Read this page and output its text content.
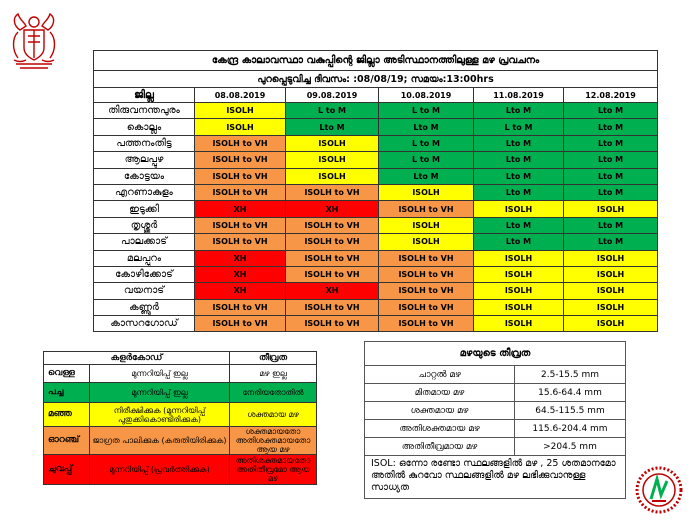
കേന്ദ്ര കാലാവസ്ഥാ വകുപ്പിന്റെ ജില്ലാ അടിസ്ഥാനത്തിലുള്ള മഴ പ്രവചനം					
പുറപ്പെടുവിച്ച ദിവസം: :08/08/19; സമയം:13:00hrs					
ജില്ല	08.08.2019	09.08.2019	10.08.2019	11.08.2019	12.08.2019
തിരുവനന്തപുരം	ISOLH	L to M	L to M	Lto M	Lto M
കൊല്ലം	ISOLH	Lto M	Lto M	L to M	Lto M
പത്തനംതിട്ട	ISOLH to VH	ISOLH	L to M	Lto M	Lto M
ആലപ്പുഴ	ISOLH to VH	ISOLH	L to M	Lto M	Lto M
കോട്ടയം	ISOLH to VH	ISOLH	Lto M	Lto M	Lto M
എറണാകുളം	ISOLH to VH	ISOLH to VH	ISOLH	Lto M	Lto M
ഇടുക്കി	XH	XH	ISOLH to VH	ISOLH	ISOLH
തൃശ്ശൂർ	ISOLH to VH	ISOLH to VH	ISOLH	Lto M	Lto M
പാലക്കാട്	ISOLH to VH	ISOLH to VH	ISOLH	Lto M	Lto M
മലപ്പുറം	XH	ISOLH to VH	ISOLH to VH	ISOLH	ISOLH
കോഴിക്കോട്	XH	ISOLH to VH	ISOLH to VH	ISOLH	ISOLH
വയനാട്	XH	XH	ISOLH to VH	ISOLH	ISOLH
കണ്ണൂർ	ISOLH to VH	ISOLH to VH	ISOLH to VH	ISOLH	ISOLH
കാസറഗോഡ്	ISOLH to VH	ISOLH to VH	ISOLH to VH	ISOLH	ISOLH
കളർകോഡ്		തീവ്രത
വെള്ള	മുന്നറിയിപ്പ് ഇല്ല	മഴ ഇല്ല
പച്ച	മുന്നറിയിപ്പ് ഇല്ല	നേരിയതോതിൽ
മഞ്ഞ	നിരീക്ഷിക്കുക (മുന്നറിയിപ്പ് പുതുക്കികൊണ്ടിരിക്കുക)	ശക്തമായ മഴ
ഓറഞ്ച്	ജാഗ്രത പാലിക്കുക (കരുതിയിരിക്കുക)	ശക്തമായതോ അതിശക്തമായതോ ആയ മഴ
ചുവപ്പ്	മുന്നറിയിപ്പ് (പ്രവർത്തിക്കുക)	അതിശക്തമായതോ അതിതീവ്രമോ ആയ മഴ
മഴയുടെ തീവ്രത	
ചാറ്റൽ മഴ	2.5-15.5 mm
മിതമായ മഴ	15.6-64.4 mm
ശക്തമായ മഴ	64.5-115.5 mm
അതിശക്തമായ മഴ	115.6-204.4 mm
അതിതീവ്രമായ മഴ	>204.5 mm
ISOL: ഒന്നോ രണ്ടോ സ്ഥലങ്ങളിൽ മഴ , 25 ശതമാനമോ അതിൽ കുറവോ സ്ഥലങ്ങളിൽ മഴ ലഭിക്കുവാനുള്ള സാധ്യത	
